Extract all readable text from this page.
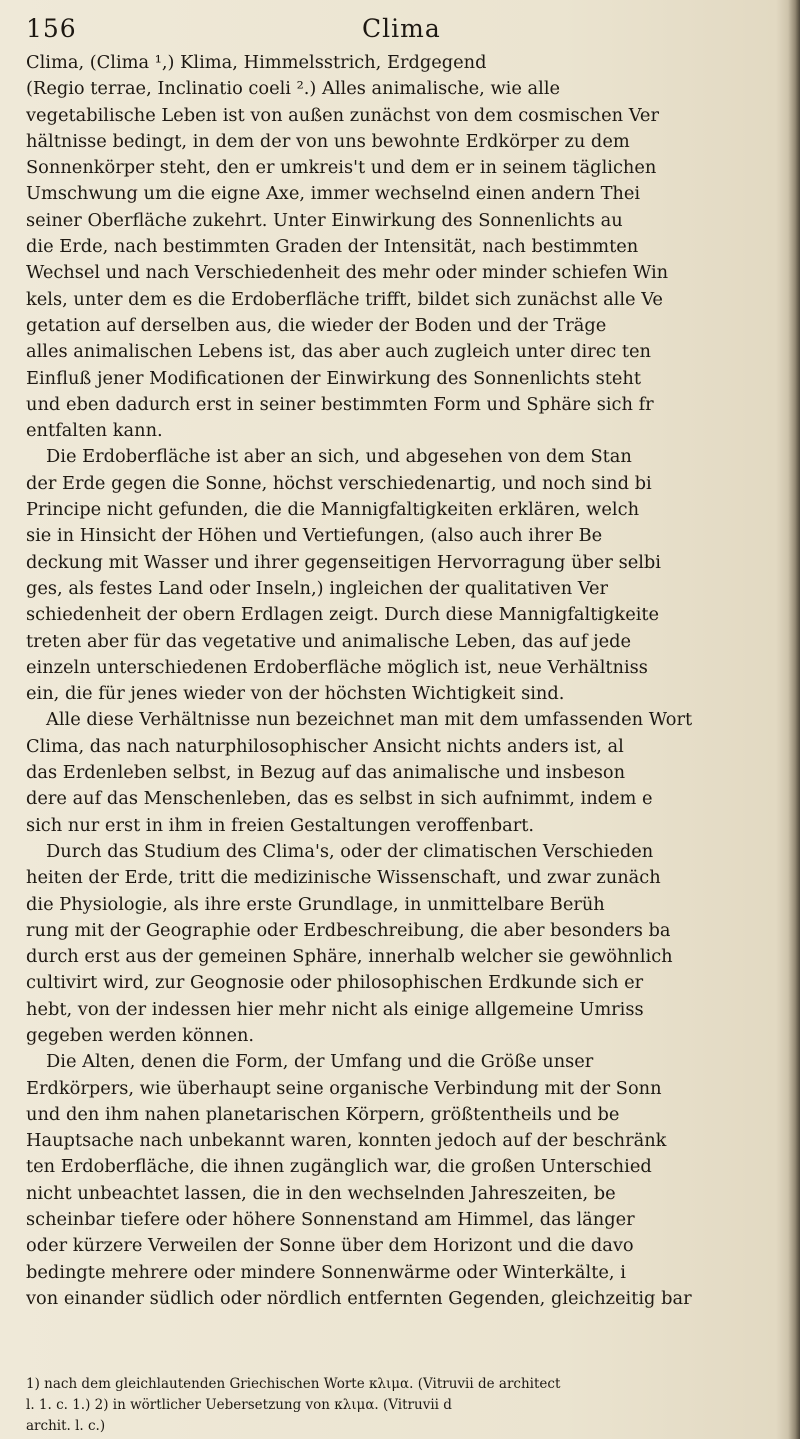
156	Clima
Clima, (Clima ¹,) Klima, Himmelsstrich, Erdgegend
(Regio terrae, Inclinatio coeli ².) Alles animalische, wie alle
vegetabilische Leben ist von außen zunächst von dem cosmischen Ver
hältnisse bedingt, in dem der von uns bewohnte Erdkörper zu dem
Sonnenkörper steht, den er umkreis't und dem er in seinem täglichen
Umschwung um die eigne Axe, immer wechselnd einen andern Thei
seiner Oberfläche zukehrt. Unter Einwirkung des Sonnenlichts au
die Erde, nach bestimmten Graden der Intensität, nach bestimmten
Wechsel und nach Verschiedenheit des mehr oder minder schiefen Win
kels, unter dem es die Erdoberfläche trifft, bildet sich zunächst alle Ve
getation auf derselben aus, die wieder der Boden und der Träge
alles animalischen Lebens ist, das aber auch zugleich unter direc ten
Einfluß jener Modificationen der Einwirkung des Sonnenlichts steht
und eben dadurch erst in seiner bestimmten Form und Sphäre sich fr
entfalten kann.
Die Erdoberfläche ist aber an sich, und abgesehen von dem Stan
der Erde gegen die Sonne, höchst verschiedenartig, und noch sind bi
Principe nicht gefunden, die die Mannigfaltigkeiten erklären, welch
sie in Hinsicht der Höhen und Vertiefungen, (also auch ihrer Be
deckung mit Wasser und ihrer gegenseitigen Hervorragung über selbi
ges, als festes Land oder Inseln,) ingleichen der qualitativen Ver
schiedenheit der obern Erdlagen zeigt. Durch diese Mannigfaltigkeite
treten aber für das vegetative und animalische Leben, das auf jede
einzeln unterschiedenen Erdoberfläche möglich ist, neue Verhältniss
ein, die für jenes wieder von der höchsten Wichtigkeit sind.
Alle diese Verhältnisse nun bezeichnet man mit dem umfassenden Wort
Clima, das nach naturphilosophischer Ansicht nichts anders ist, al
das Erdenleben selbst, in Bezug auf das animalische und insbeson
dere auf das Menschenleben, das es selbst in sich aufnimmt, indem e
sich nur erst in ihm in freien Gestaltungen veroffenbart.
Durch das Studium des Clima's, oder der climatischen Verschieden
heiten der Erde, tritt die medizinische Wissenschaft, und zwar zunäch
die Physiologie, als ihre erste Grundlage, in unmittelbare Berüh
rung mit der Geographie oder Erdbeschreibung, die aber besonders ba
durch erst aus der gemeinen Sphäre, innerhalb welcher sie gewöhnlich
cultivirt wird, zur Geognosie oder philosophischen Erdkunde sich er
hebt, von der indessen hier mehr nicht als einige allgemeine Umriss
gegeben werden können.
Die Alten, denen die Form, der Umfang und die Größe unser
Erdkörpers, wie überhaupt seine organische Verbindung mit der Sonn
und den ihm nahen planetarischen Körpern, größtentheils und be
Hauptsache nach unbekannt waren, konnten jedoch auf der beschränk
ten Erdoberfläche, die ihnen zugänglich war, die großen Unterschied
nicht unbeachtet lassen, die in den wechselnden Jahreszeiten, be
scheinbar tiefere oder höhere Sonnenstand am Himmel, das länger
oder kürzere Verweilen der Sonne über dem Horizont und die davo
bedingte mehrere oder mindere Sonnenwärme oder Winterkälte, i
von einander südlich oder nördlich entfernten Gegenden, gleichzeitig bar
1) nach dem gleichlautenden Griechischen Worte κλιμα. (Vitruvii de architect
l. 1. c. 1.) 2) in wörtlicher Uebersetzung von κλιμα. (Vitruvii d
archit. l. c.)
